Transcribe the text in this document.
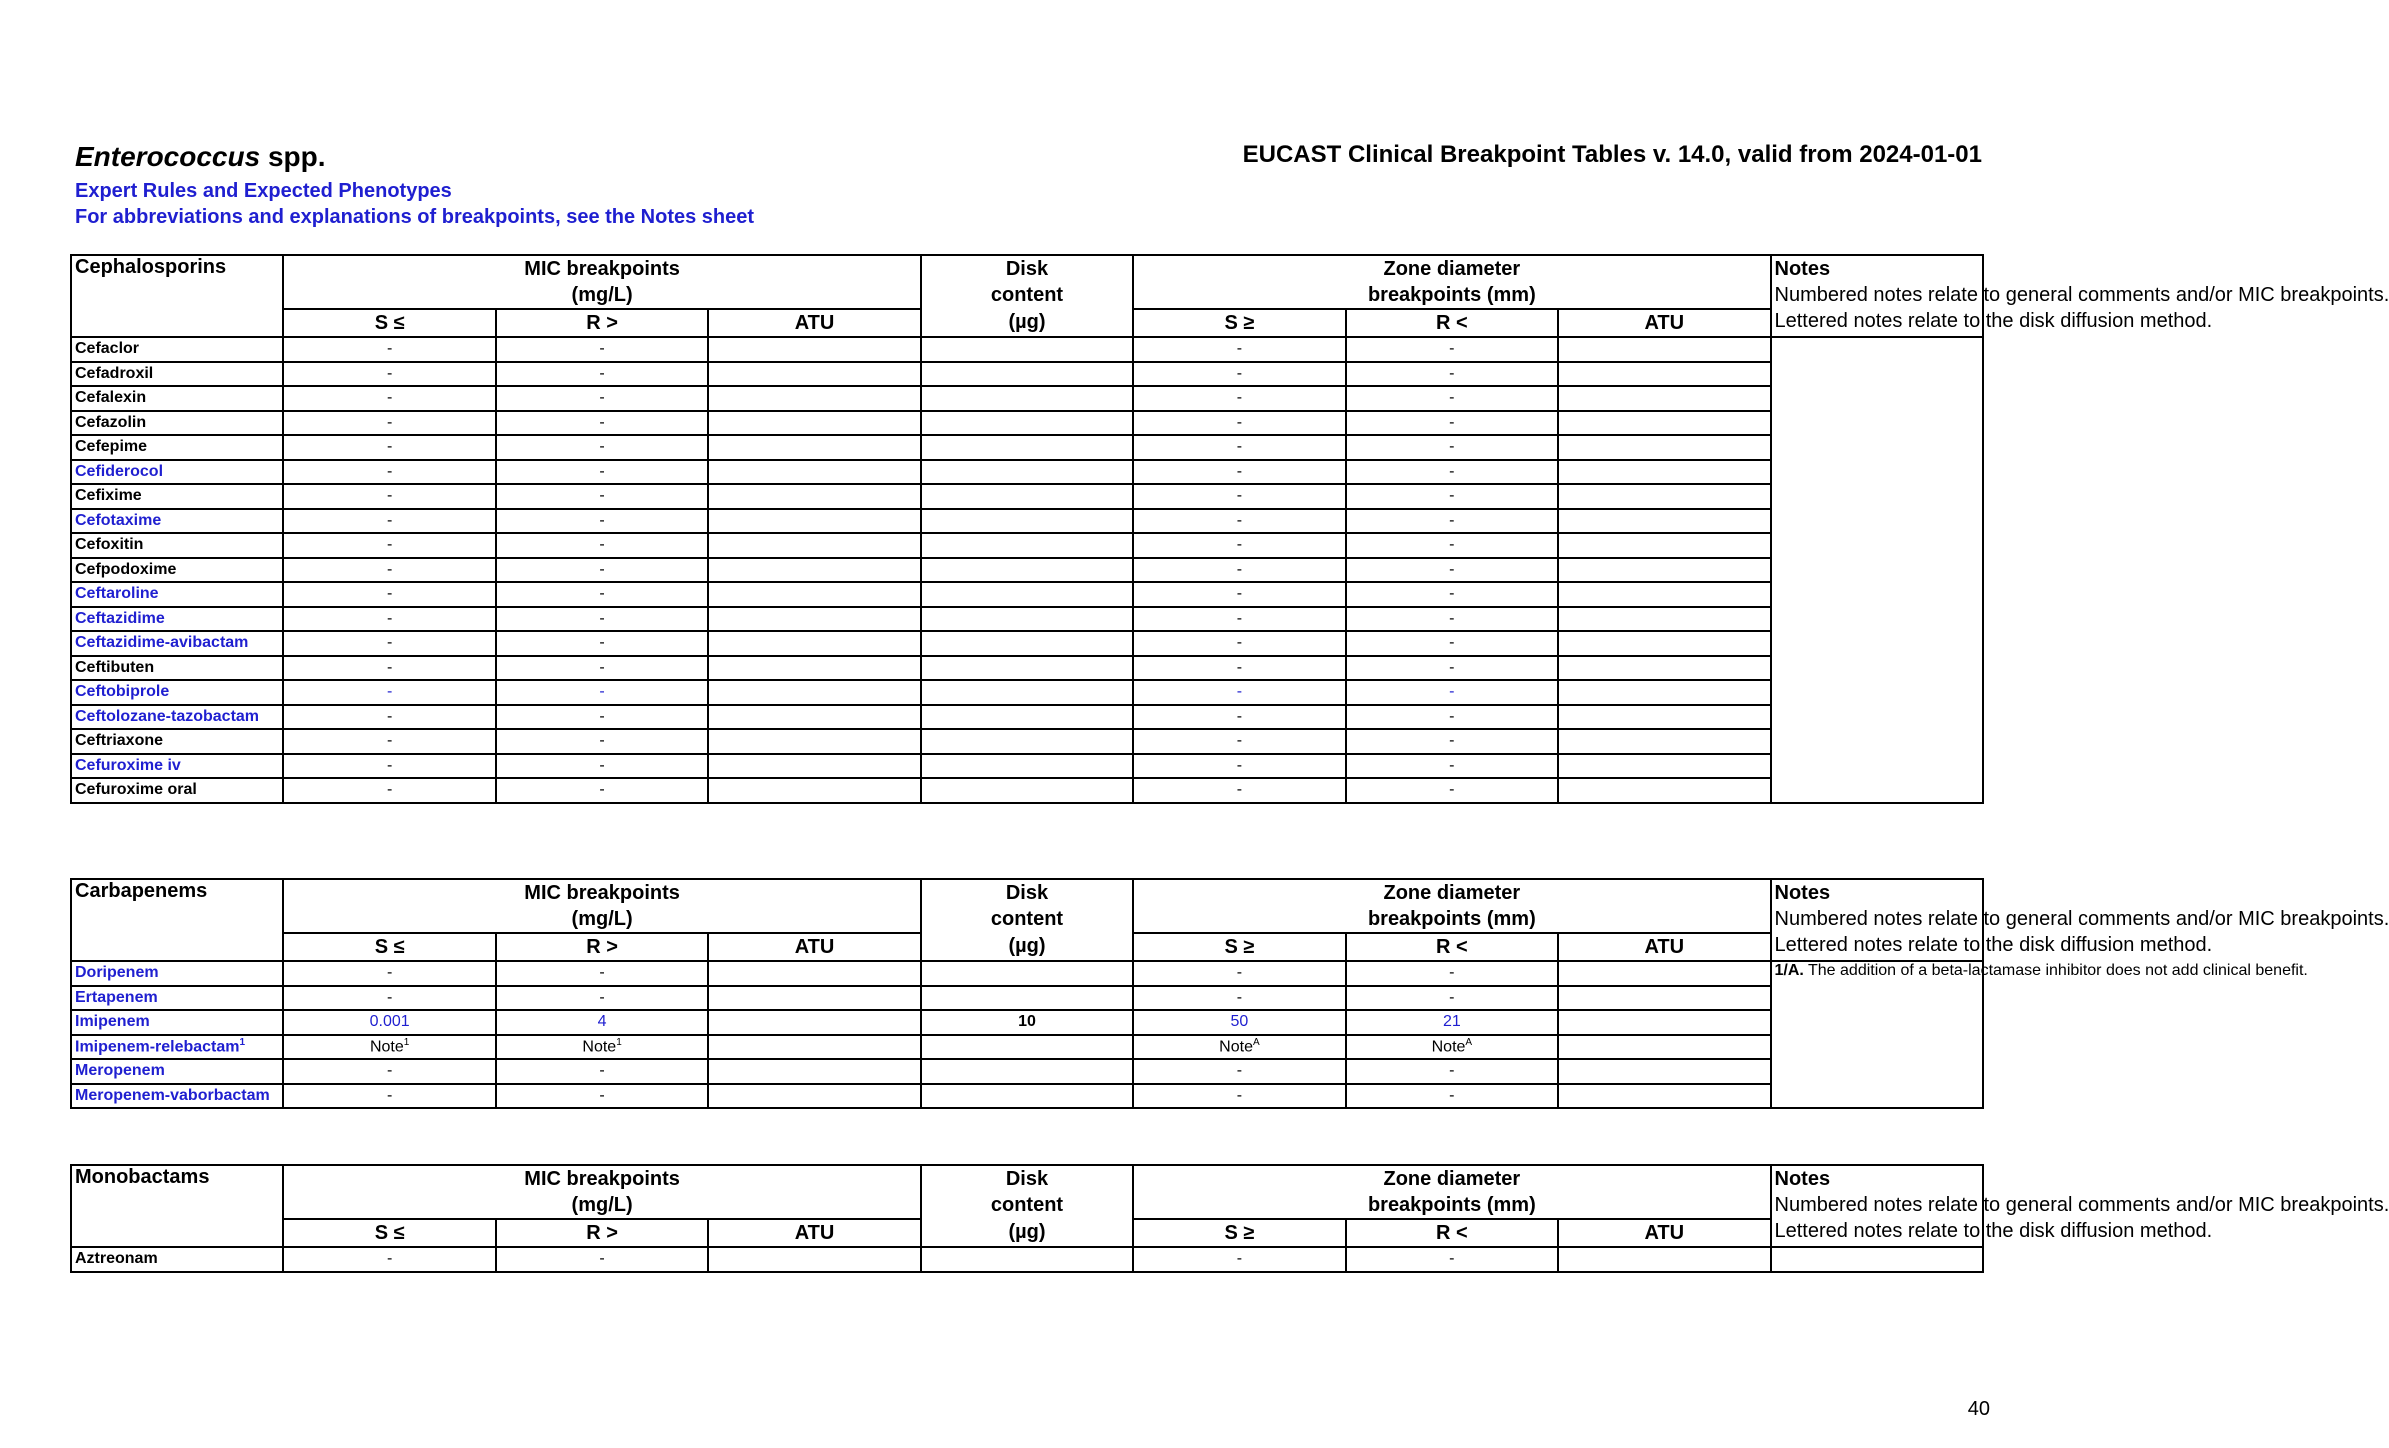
Enterococcus spp.	EUCAST Clinical Breakpoint Tables v. 14.0, valid from 2024-01-01
Expert Rules and Expected Phenotypes
For abbreviations and explanations of breakpoints, see the Notes sheet
Cephalosporins	MIC breakpoints			Disk	Zone diameter			Notes
Numbered notes relate to general comments and/or MIC breakpoints.
Lettered notes relate to the disk diffusion method.
	(mg/L)			content	breakpoints (mm)			
	S ≤	R >	ATU	(µg)	S ≥	R <	ATU	
Cefaclor	-	-			-	-		
Cefadroxil	-	-			-	-		
Cefalexin	-	-			-	-		
Cefazolin	-	-			-	-		
Cefepime	-	-			-	-		
Cefiderocol	-	-			-	-		
Cefixime	-	-			-	-		
Cefotaxime	-	-			-	-		
Cefoxitin	-	-			-	-		
Cefpodoxime	-	-			-	-		
Ceftaroline	-	-			-	-		
Ceftazidime	-	-			-	-		
Ceftazidime-avibactam	-	-			-	-		
Ceftibuten	-	-			-	-		
Ceftobiprole	-	-			-	-		
Ceftolozane-tazobactam	-	-			-	-		
Ceftriaxone	-	-			-	-		
Cefuroxime iv	-	-			-	-		
Cefuroxime oral	-	-			-	-		
Carbapenems	MIC breakpoints			Disk	Zone diameter			Notes
Numbered notes relate to general comments and/or MIC breakpoints.
Lettered notes relate to the disk diffusion method.
	(mg/L)			content	breakpoints (mm)			
	S ≤	R >	ATU	(µg)	S ≥	R <	ATU	
Doripenem	-	-			-	-		1/A. The addition of a beta-lactamase inhibitor does not add clinical benefit.
Ertapenem	-	-			-	-		
Imipenem	0.001	4		10	50	21		
Imipenem-relebactam$^1$	Note$^1$	Note$^1$			Note$^A$	Note$^A$	
Meropenem	-	-			-	-		
Meropenem-vaborbactam	-	-			-	-		
Monobactams	MIC breakpoints			Disk	Zone diameter			Notes
Numbered notes relate to general comments and/or MIC breakpoints.
Lettered notes relate to the disk diffusion method.
	(mg/L)			content	breakpoints (mm)			
	S ≤	R >	ATU	(µg)	S ≥	R <	ATU	
Aztreonam	-	-			-	-		
40
